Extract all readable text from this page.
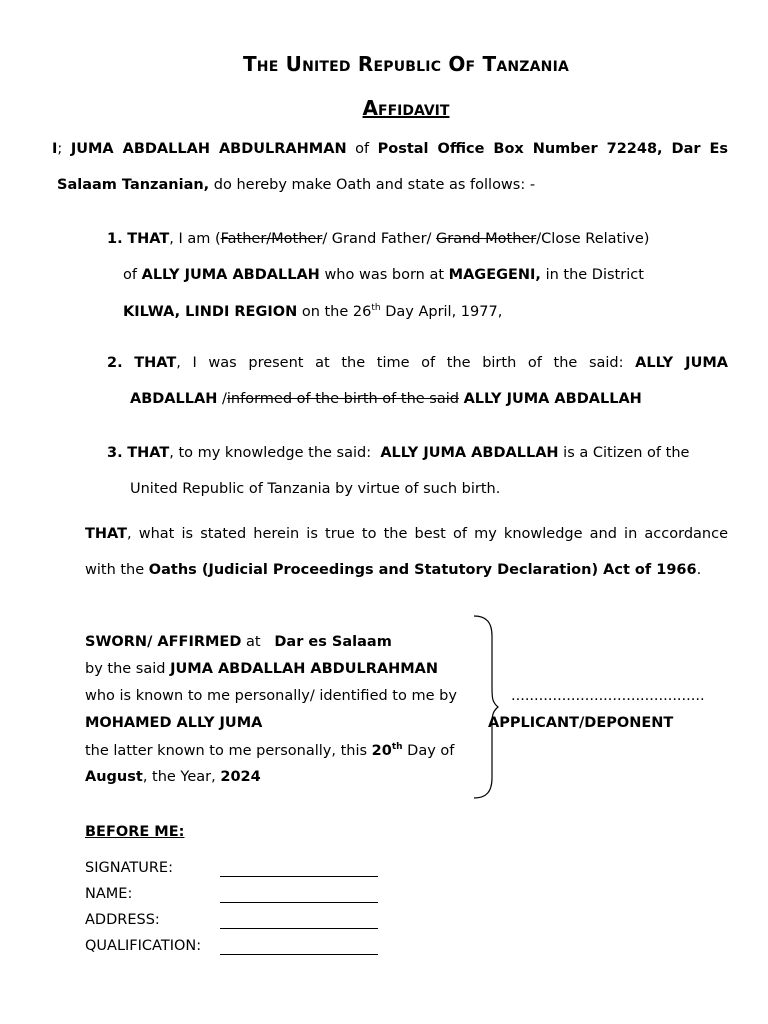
The United Republic Of Tanzania
Affidavit
I; JUMA ABDALLAH ABDULRAHMAN of Postal Office Box Number 72248, Dar Es
Salaam Tanzanian, do hereby make Oath and state as follows: -
1. THAT, I am (Father/Mother/ Grand Father/ Grand Mother/Close Relative)
of ALLY JUMA ABDALLAH who was born at MAGEGENI, in the District
KILWA, LINDI REGION on the 26th Day April, 1977,
2. THAT, I was present at the time of the birth of the said: ALLY JUMA
ABDALLAH /informed of the birth of the said ALLY JUMA ABDALLAH
3. THAT, to my knowledge the said: ALLY JUMA ABDALLAH is a Citizen of the
United Republic of Tanzania by virtue of such birth.
THAT, what is stated herein is true to the best of my knowledge and in accordance
with the Oaths (Judicial Proceedings and Statutory Declaration) Act of 1966.
SWORN/ AFFIRMED at Dar es Salaam
by the said JUMA ABDALLAH ABDULRAHMAN
who is known to me personally/ identified to me by
MOHAMED ALLY JUMA
the latter known to me personally, this 20th Day of
August, the Year, 2024
..........................................
APPLICANT/DEPONENT
BEFORE ME:
SIGNATURE:
NAME:
ADDRESS:
QUALIFICATION:
